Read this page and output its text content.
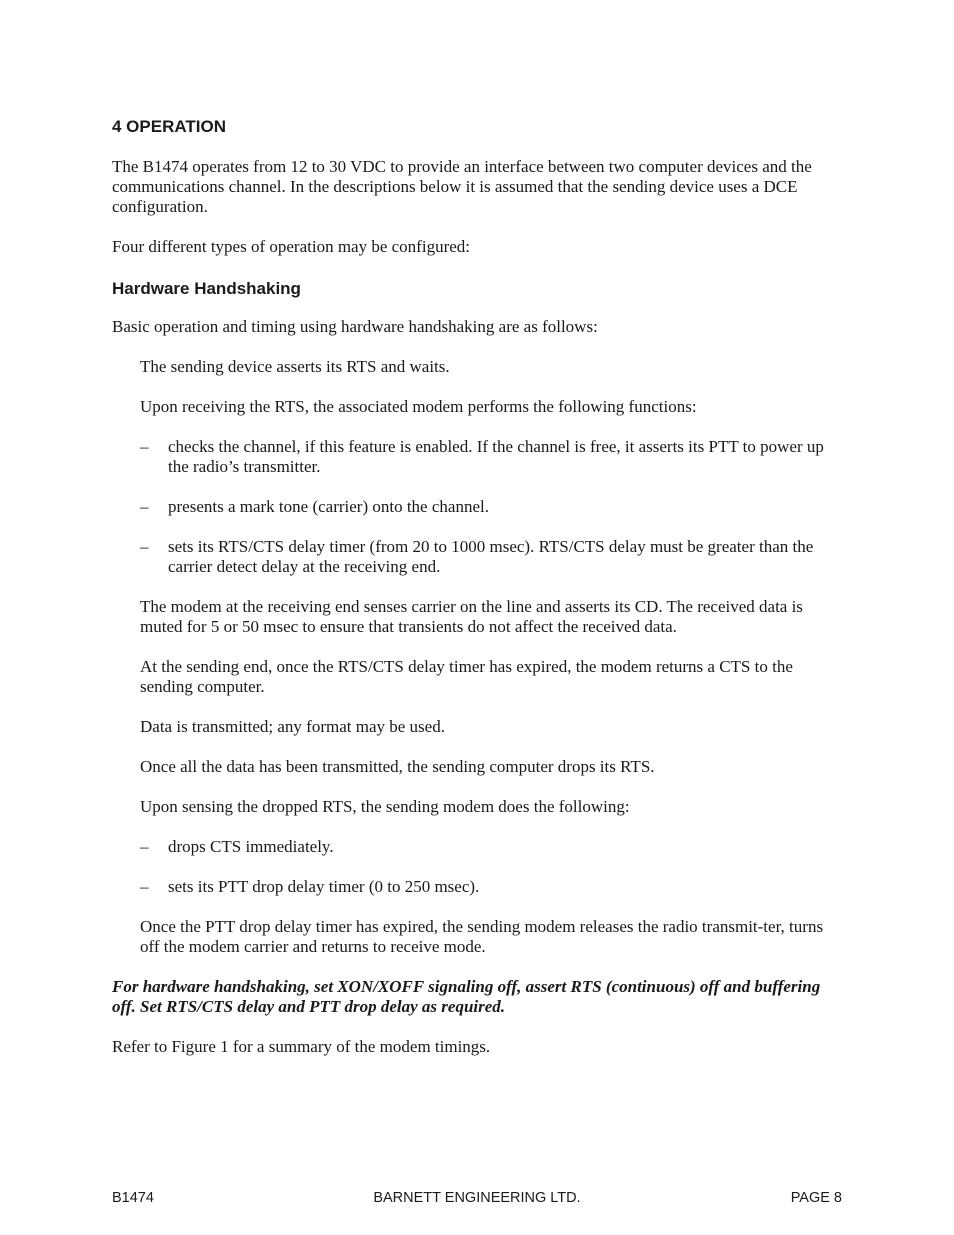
4 OPERATION

The B1474 operates from 12 to 30 VDC to provide an interface between two computer devices and the communications channel. In the descriptions below it is assumed that the sending device uses a DCE configuration.

Four different types of operation may be configured:

Hardware Handshaking

Basic operation and timing using hardware handshaking are as follows:

The sending device asserts its RTS and waits.

Upon receiving the RTS, the associated modem performs the following functions:

–	checks the channel, if this feature is enabled. If the channel is free, it asserts its PTT to power up the radio’s transmitter.
–	presents a mark tone (carrier) onto the channel.
–	sets its RTS/CTS delay timer (from 20 to 1000 msec). RTS/CTS delay must be greater than the carrier detect delay at the receiving end.

The modem at the receiving end senses carrier on the line and asserts its CD. The received data is muted for 5 or 50 msec to ensure that transients do not affect the received data.

At the sending end, once the RTS/CTS delay timer has expired, the modem returns a CTS to the sending computer.

Data is transmitted; any format may be used.

Once all the data has been transmitted, the sending computer drops its RTS.

Upon sensing the dropped RTS, the sending modem does the following:

–	drops CTS immediately.
–	sets its PTT drop delay timer (0 to 250 msec).

Once the PTT drop delay timer has expired, the sending modem releases the radio transmit-ter, turns off the modem carrier and returns to receive mode.

For hardware handshaking, set XON/XOFF signaling off, assert RTS (continuous) off and buffering off. Set RTS/CTS delay and PTT drop delay as required.

Refer to Figure 1 for a summary of the modem timings.

B1474	BARNETT ENGINEERING LTD.	PAGE 8
